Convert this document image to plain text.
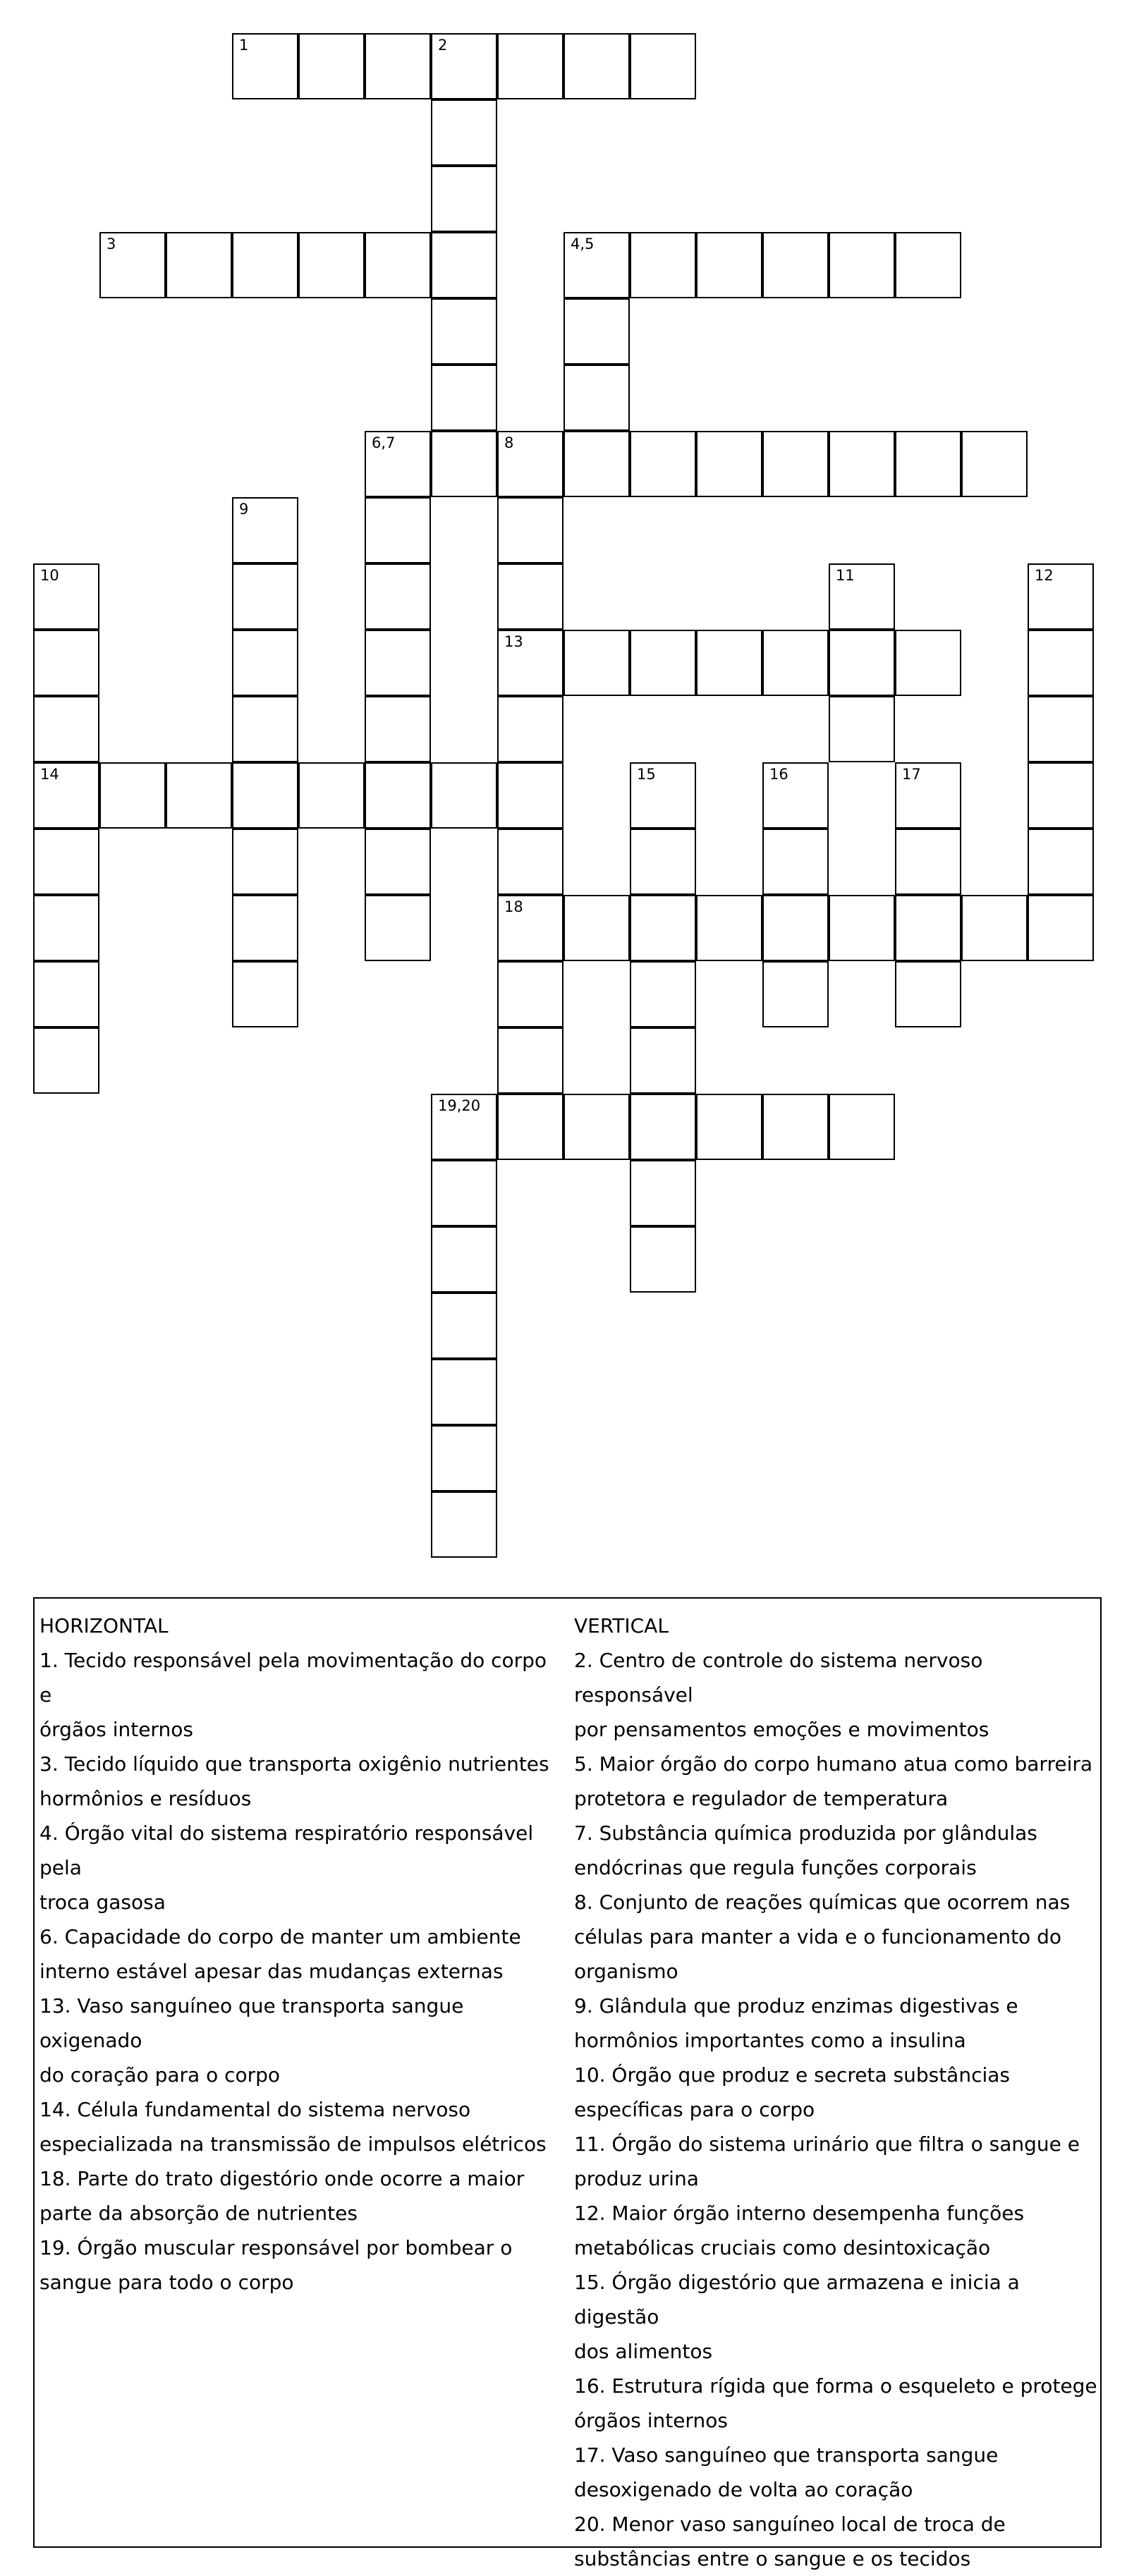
1	2
3	4,5
6,7	8
9
10	11	12
13
14	15	16	17
18
19,20
HORIZONTAL
1. Tecido responsável pela movimentação do corpo e
órgãos internos
3. Tecido líquido que transporta oxigênio nutrientes
hormônios e resíduos
4. Órgão vital do sistema respiratório responsável pela
troca gasosa
6. Capacidade do corpo de manter um ambiente
interno estável apesar das mudanças externas
13. Vaso sanguíneo que transporta sangue oxigenado
do coração para o corpo
14. Célula fundamental do sistema nervoso
especializada na transmissão de impulsos elétricos
18. Parte do trato digestório onde ocorre a maior
parte da absorção de nutrientes
19. Órgão muscular responsável por bombear o
sangue para todo o corpo
VERTICAL
2. Centro de controle do sistema nervoso responsável
por pensamentos emoções e movimentos
5. Maior órgão do corpo humano atua como barreira
protetora e regulador de temperatura
7. Substância química produzida por glândulas
endócrinas que regula funções corporais
8. Conjunto de reações químicas que ocorrem nas
células para manter a vida e o funcionamento do
organismo
9. Glândula que produz enzimas digestivas e
hormônios importantes como a insulina
10. Órgão que produz e secreta substâncias
específicas para o corpo
11. Órgão do sistema urinário que filtra o sangue e
produz urina
12. Maior órgão interno desempenha funções
metabólicas cruciais como desintoxicação
15. Órgão digestório que armazena e inicia a digestão
dos alimentos
16. Estrutura rígida que forma o esqueleto e protege
órgãos internos
17. Vaso sanguíneo que transporta sangue
desoxigenado de volta ao coração
20. Menor vaso sanguíneo local de troca de
substâncias entre o sangue e os tecidos
